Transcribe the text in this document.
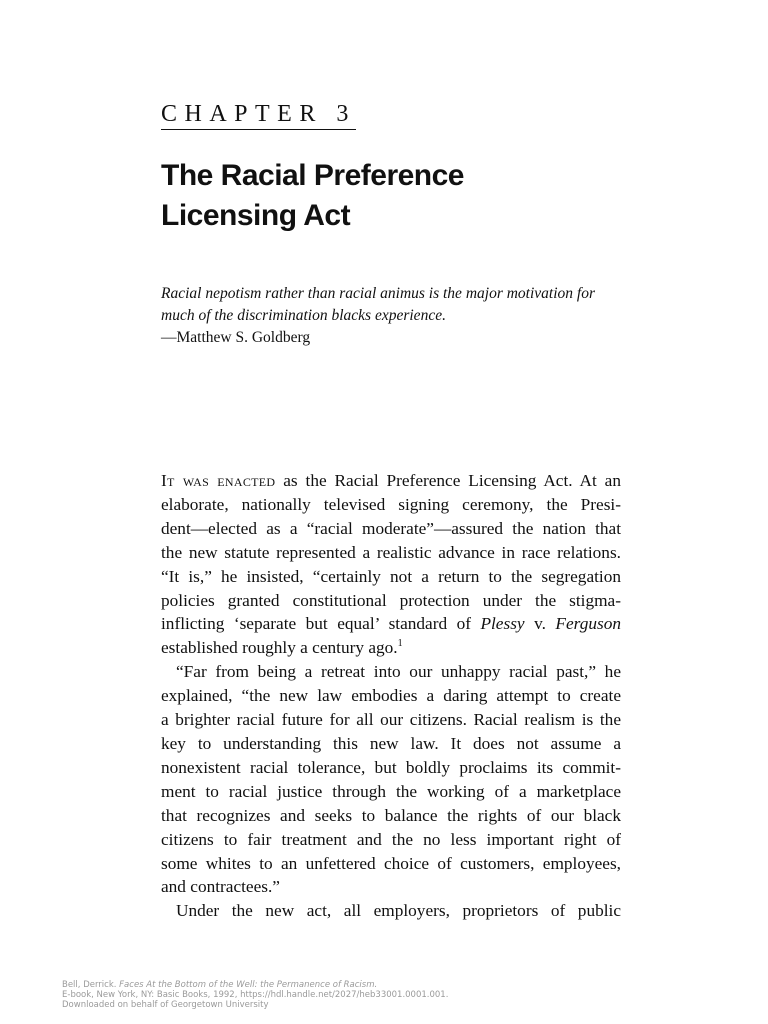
CHAPTER 3
The Racial Preference
Licensing Act
Racial nepotism rather than racial animus is the major motivation for
much of the discrimination blacks experience.
—Matthew S. Goldberg
It was enacted as the Racial Preference Licensing Act. At an
elaborate, nationally televised signing ceremony, the Presi-
dent—elected as a “racial moderate”—assured the nation that
the new statute represented a realistic advance in race relations.
“It is,” he insisted, “certainly not a return to the segregation
policies granted constitutional protection under the stigma-
inflicting ‘separate but equal’ standard of Plessy v. Ferguson
established roughly a century ago.$^1$
“Far from being a retreat into our unhappy racial past,” he
explained, “the new law embodies a daring attempt to create
a brighter racial future for all our citizens. Racial realism is the
key to understanding this new law. It does not assume a
nonexistent racial tolerance, but boldly proclaims its commit-
ment to racial justice through the working of a marketplace
that recognizes and seeks to balance the rights of our black
citizens to fair treatment and the no less important right of
some whites to an unfettered choice of customers, employees,
and contractees.”
Under the new act, all employers, proprietors of public
Bell, Derrick. Faces At the Bottom of the Well: the Permanence of Racism.
E-book, New York, NY: Basic Books, 1992, https://hdl.handle.net/2027/heb33001.0001.001.
Downloaded on behalf of Georgetown University
